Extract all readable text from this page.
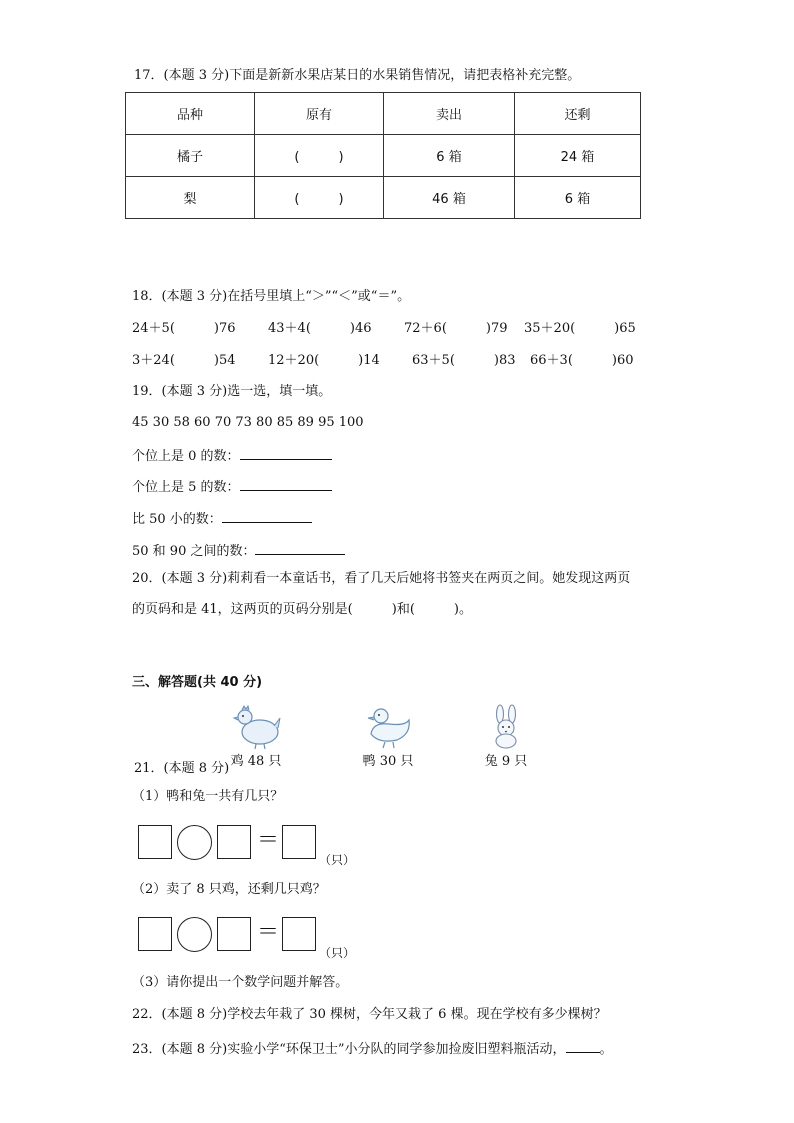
17．(本题 3 分)下面是新新水果店某日的水果销售情况，请把表格补充完整。
品种	原有	卖出	还剩
橘子	(　　　)	6 箱	24 箱
梨	(　　　)	46 箱	6 箱
18．(本题 3 分)在括号里填上“＞”“＜”或“＝”。
24＋5(　　　)76	43＋4(　　　)46	72＋6(　　　)79 35＋20(　　　)65
3＋24(　　　)54	12＋20(　　　)14 63＋5(　　　)83 66＋3(　　　)60
19．(本题 3 分)选一选，填一填。
45 30 58 60 70 73 80 85 89 95 100
个位上是 0 的数：
个位上是 5 的数：
比 50 小的数：
50 和 90 之间的数：
20．(本题 3 分)莉莉看一本童话书，看了几天后她将书签夹在两页之间。她发现这两页
的页码和是 41，这两页的页码分别是(　　　)和(　　　)。
三、解答题(共 40 分)
鸡 48 只	鸭 30 只	兔 9 只
21．(本题 8 分)
（1）鸭和兔一共有几只？
＝
（只）
（2）卖了 8 只鸡，还剩几只鸡？
＝
（只）
（3）请你提出一个数学问题并解答。
22．(本题 8 分)学校去年栽了 30 棵树，今年又栽了 6 棵。现在学校有多少棵树？
23．(本题 8 分)实验小学“环保卫士”小分队的同学参加捡废旧塑料瓶活动，	。
